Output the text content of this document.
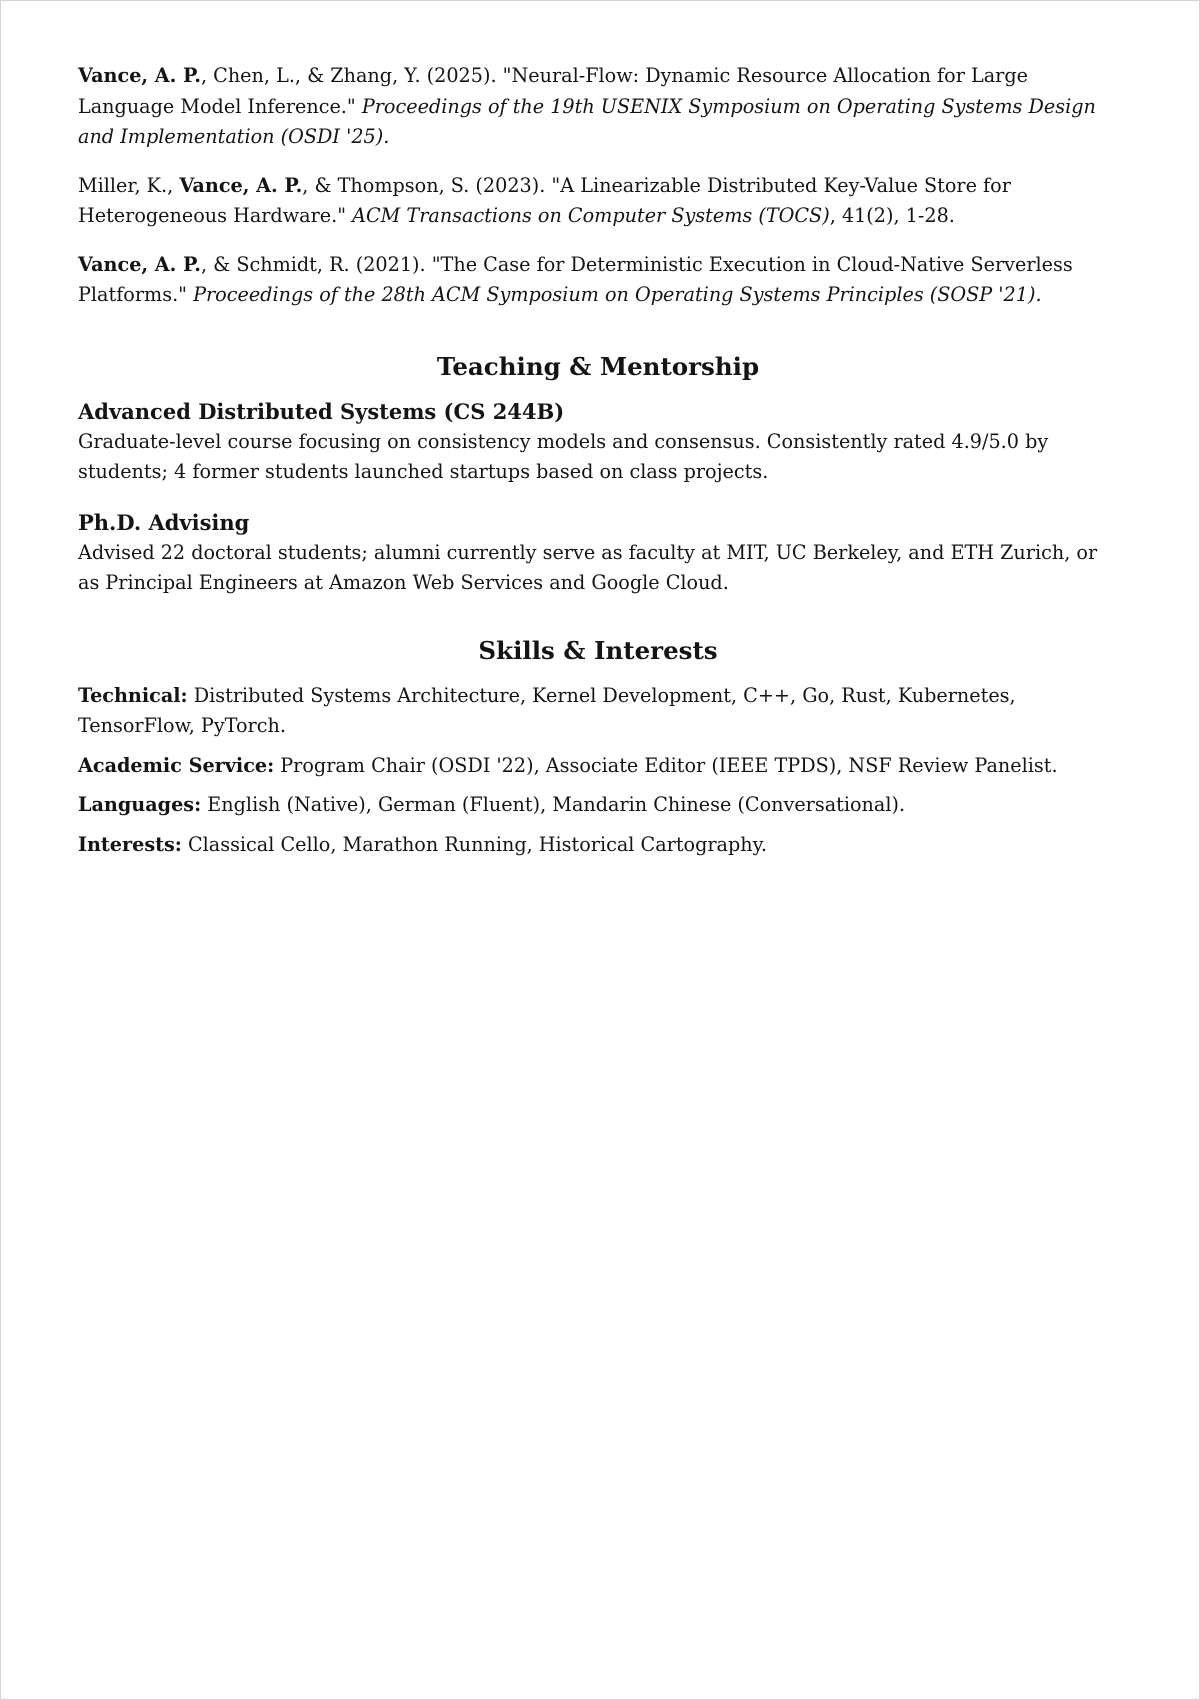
Vance, A. P., Chen, L., & Zhang, Y. (2025). "Neural-Flow: Dynamic Resource Allocation for Large Language Model Inference." Proceedings of the 19th USENIX Symposium on Operating Systems Design and Implementation (OSDI '25).

Miller, K., Vance, A. P., & Thompson, S. (2023). "A Linearizable Distributed Key-Value Store for Heterogeneous Hardware." ACM Transactions on Computer Systems (TOCS), 41(2), 1-28.

Vance, A. P., & Schmidt, R. (2021). "The Case for Deterministic Execution in Cloud-Native Serverless Platforms." Proceedings of the 28th ACM Symposium on Operating Systems Principles (SOSP '21).

Teaching & Mentorship
Advanced Distributed Systems (CS 244B)

Graduate-level course focusing on consistency models and consensus. Consistently rated 4.9/5.0 by students; 4 former students launched startups based on class projects.

Ph.D. Advising

Advised 22 doctoral students; alumni currently serve as faculty at MIT, UC Berkeley, and ETH Zurich, or as Principal Engineers at Amazon Web Services and Google Cloud.

Skills & Interests

Technical: Distributed Systems Architecture, Kernel Development, C++, Go, Rust, Kubernetes, TensorFlow, PyTorch.

Academic Service: Program Chair (OSDI '22), Associate Editor (IEEE TPDS), NSF Review Panelist.

Languages: English (Native), German (Fluent), Mandarin Chinese (Conversational).

Interests: Classical Cello, Marathon Running, Historical Cartography.
